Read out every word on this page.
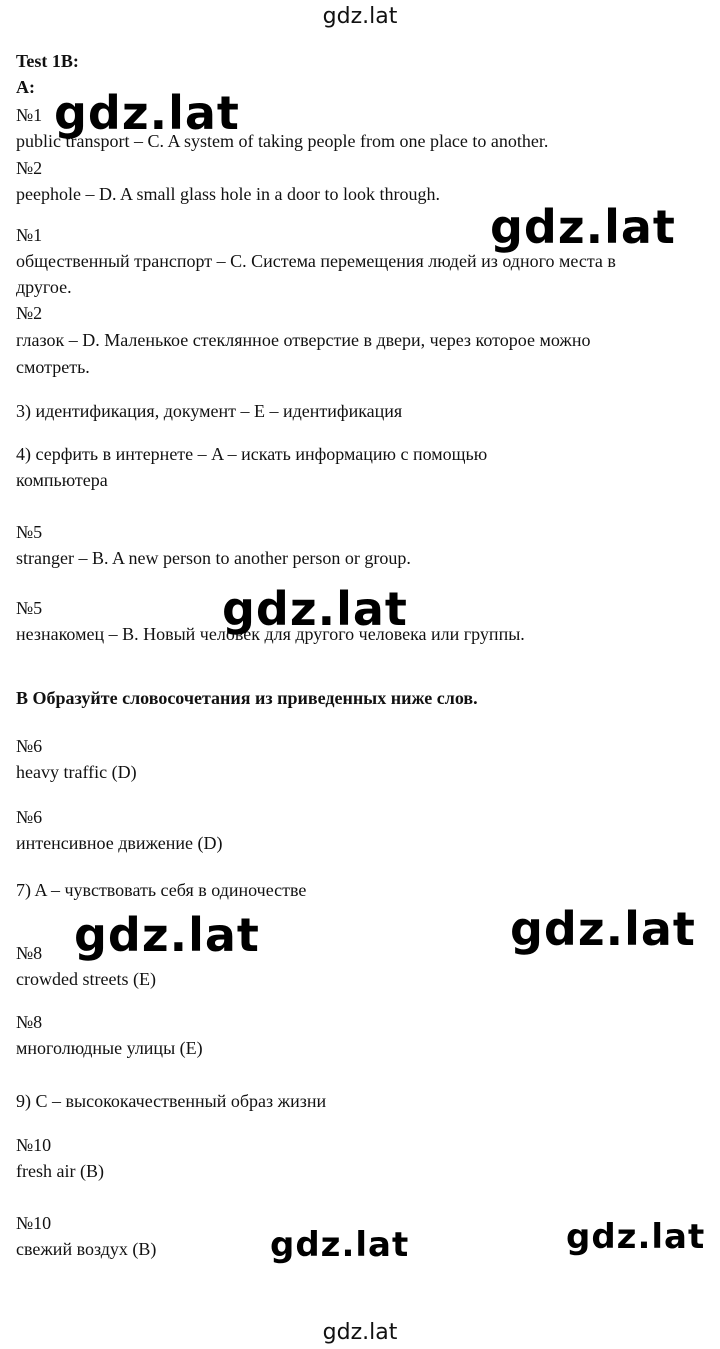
gdz.lat
Test 1B:
A:
№1
public transport – C. A system of taking people from one place to another.
№2
peephole – D. A small glass hole in a door to look through.
№1
общественный транспорт – C. Система перемещения людей из одного места в
другое.
№2
глазок – D. Маленькое стеклянное отверстие в двери, через которое можно
смотреть.
3) идентификация, документ – E – идентификация
4) серфить в интернете – A – искать информацию с помощью
компьютера
№5
stranger – B. A new person to another person or group.
№5
незнакомец – B. Новый человек для другого человека или группы.
B Образуйте словосочетания из приведенных ниже слов.
№6
heavy traffic (D)
№6
интенсивное движение (D)
7) A – чувствовать себя в одиночестве
№8
crowded streets (E)
№8
многолюдные улицы (E)
9) C – высококачественный образ жизни
№10
fresh air (B)
№10
свежий воздух (B)
gdz.lat
gdz.lat
gdz.lat
gdz.lat	gdz.lat
gdz.lat	gdz.lat
gdz.lat
